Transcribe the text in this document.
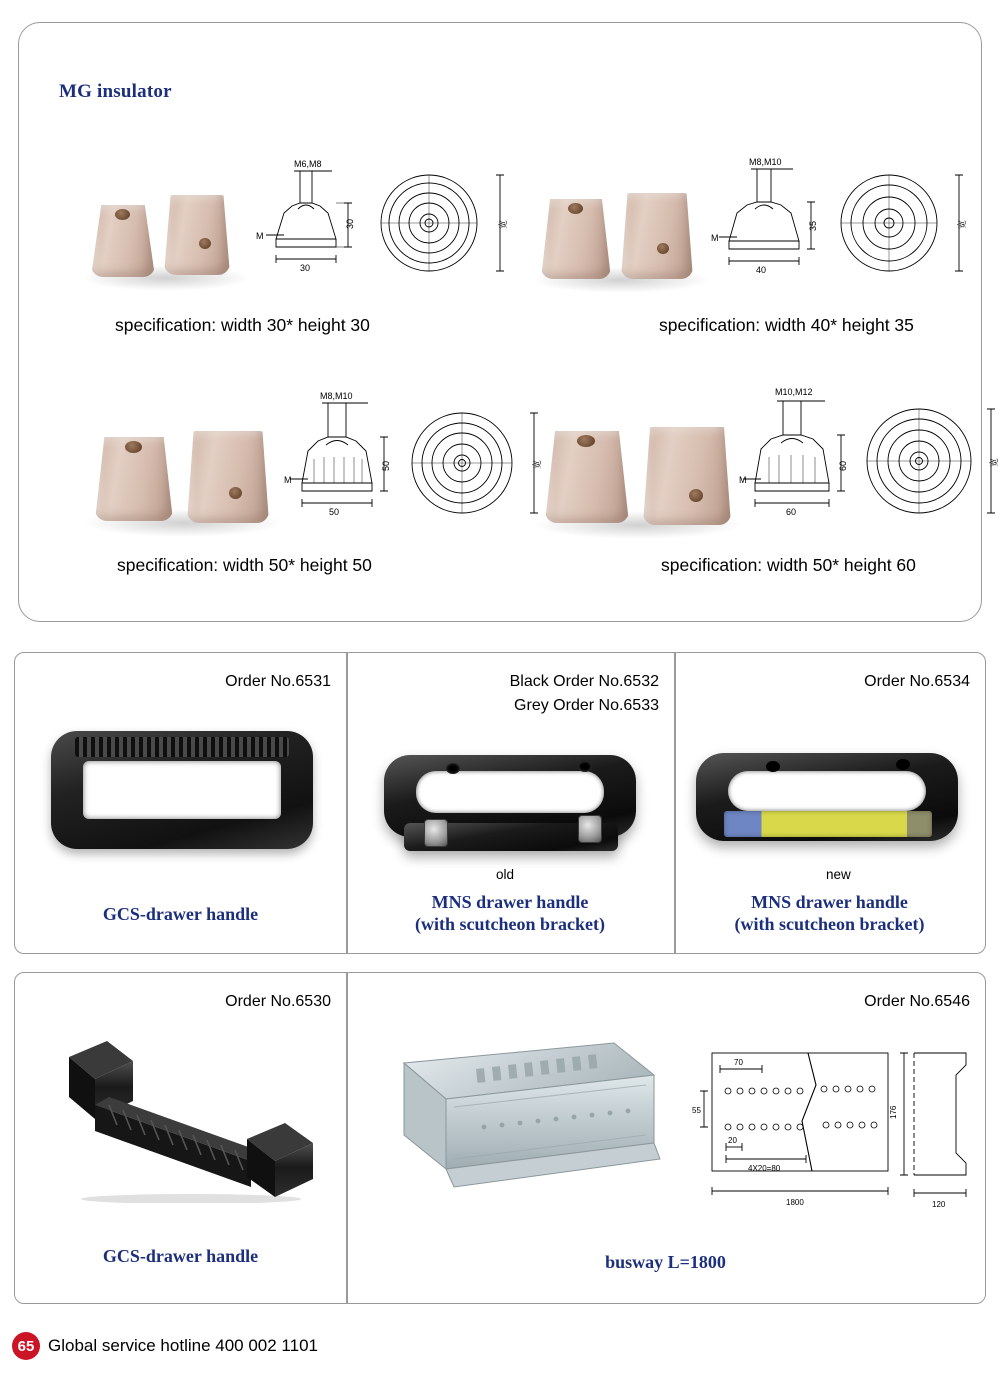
MG insulator
M6,M8
30
30
M
宽
specification: width 30* height 30
M8,M10
40
35
M
宽
specification: width 40* height 35
M8,M10
50
50
M
宽
specification: width 50* height 50
M10,M12
60
60
M
宽
specification: width 50* height 60
Order No.6531
GCS-drawer handle
Black Order No.6532
Grey Order No.6533
old
MNS drawer handle
(with scutcheon bracket)
Order No.6534
new
MNS drawer handle
(with scutcheon bracket)
Order No.6530
GCS-drawer handle
Order No.6546
70
55
20
4X20=80
1800
176
120
busway L=1800
65 Global service hotline 400 002 1101
